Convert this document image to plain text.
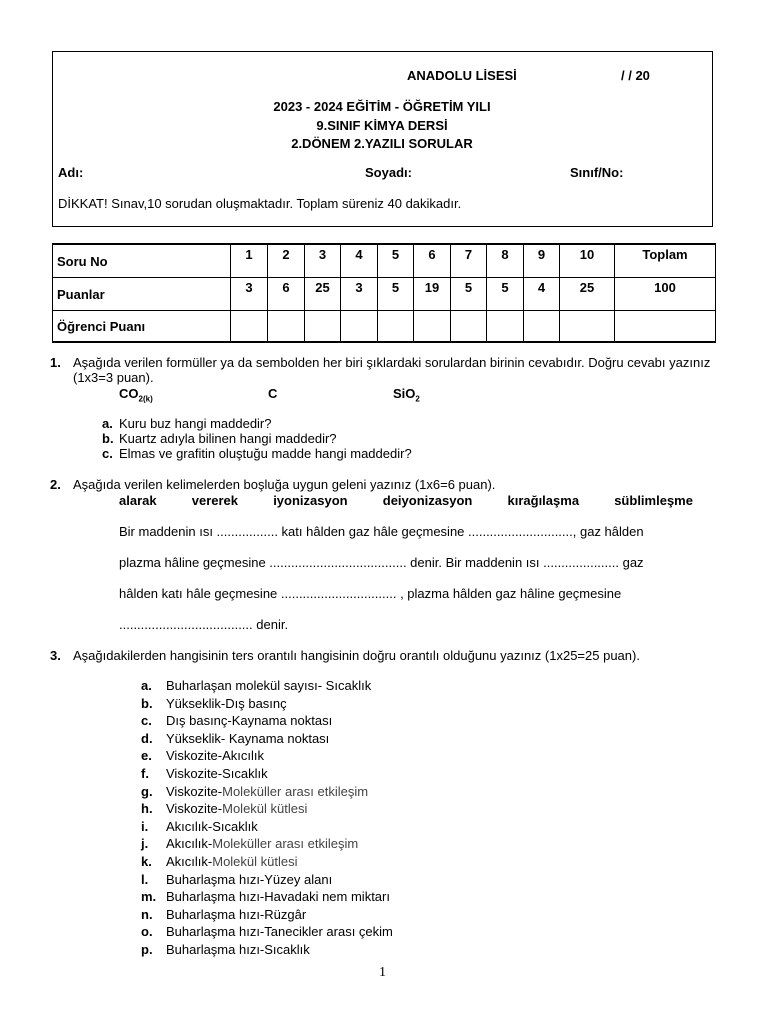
ANADOLU LİSESİ	/ / 20
2023 - 2024 EĞİTİM - ÖĞRETİM YILI
9.SINIF KİMYA DERSİ
2.DÖNEM 2.YAZILI SORULAR
Adı:	Soyadı:	Sınıf/No:
DİKKAT! Sınav,10 sorudan oluşmaktadır. Toplam süreniz 40 dakikadır.
Soru No	1	2	3	4	5	6	7	8	9	10	Toplam
Puanlar	3	6	25	3	5	19	5	5	4	25	100
Öğrenci Puanı											
1. Aşağıda verilen formüller ya da sembolden her biri şıklardaki sorulardan birinin cevabıdır. Doğru cevabı yazınız (1x3=3 puan).
$CO_{2(k)}$	C	SiO$_2$
a. Kuru buz hangi maddedir?
b. Kuartz adıyla bilinen hangi maddedir?
c. Elmas ve grafitin oluştuğu madde hangi maddedir?
2. Aşağıda verilen kelimelerden boşluğa uygun geleni yazınız (1x6=6 puan).
alarak	vererek	iyonizasyon	deiyonizasyon	kırağılaşma	süblimleşme
Bir maddenin ısı ................. katı hâlden gaz hâle geçmesine ............................., gaz hâlden
plazma hâline geçmesine ...................................... denir. Bir maddenin ısı ..................... gaz
hâlden katı hâle geçmesine ................................ , plazma hâlden gaz hâline geçmesine
..................................... denir.
3. Aşağıdakilerden hangisinin ters orantılı hangisinin doğru orantılı olduğunu yazınız (1x25=25 puan).
a. Buharlaşan molekül sayısı- Sıcaklık
b. Yükseklik-Dış basınç
c. Dış basınç-Kaynama noktası
d. Yükseklik- Kaynama noktası
e. Viskozite-Akıcılık
f. Viskozite-Sıcaklık
g. Viskozite-Moleküller arası etkileşim
h. Viskozite-Molekül kütlesi
i. Akıcılık-Sıcaklık
j. Akıcılık-Moleküller arası etkileşim
k. Akıcılık-Molekül kütlesi
l. Buharlaşma hızı-Yüzey alanı
m. Buharlaşma hızı-Havadaki nem miktarı
n. Buharlaşma hızı-Rüzgâr
o. Buharlaşma hızı-Tanecikler arası çekim
p. Buharlaşma hızı-Sıcaklık
1
